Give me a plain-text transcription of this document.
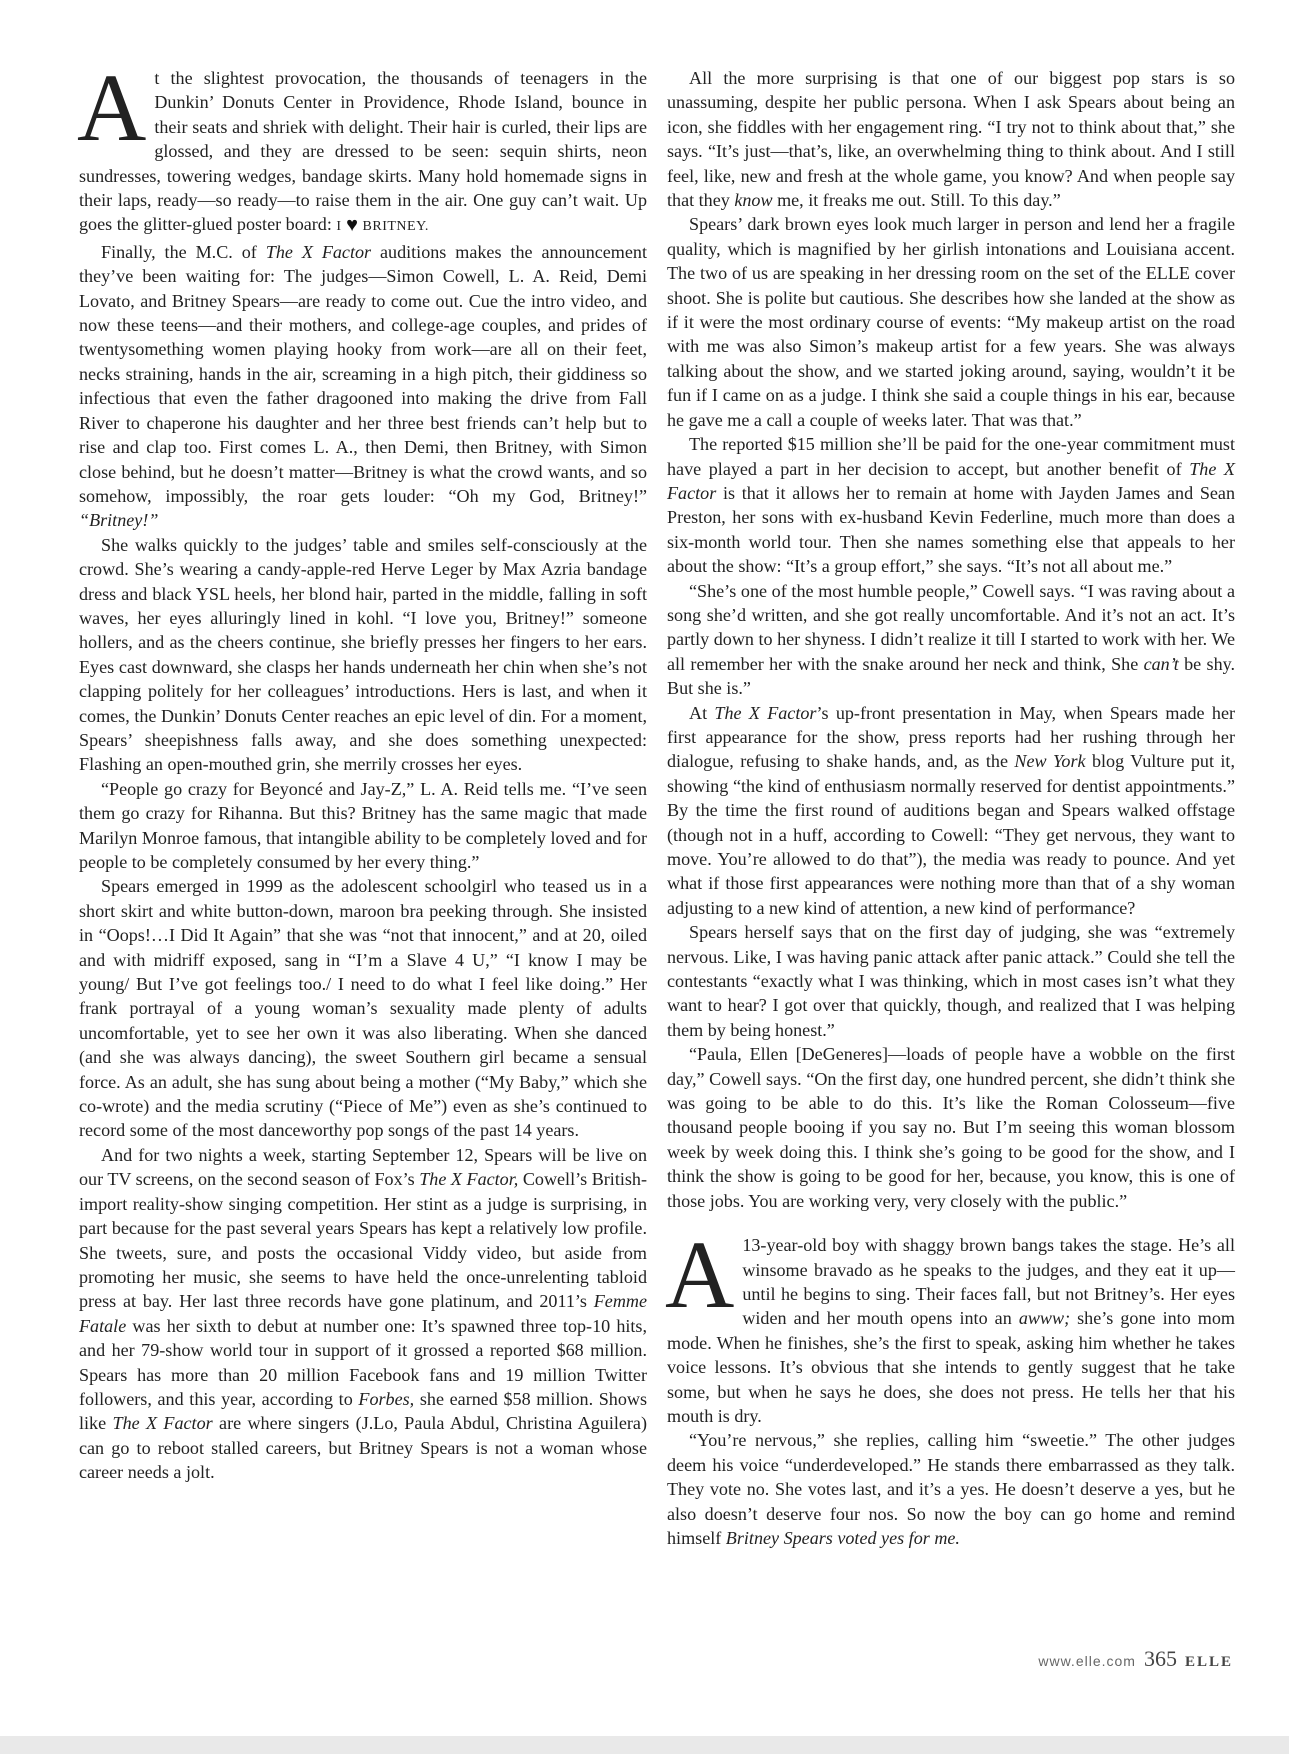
At the slightest provocation, the thousands of teenagers in the Dunkin’ Donuts Center in Providence, Rhode Island, bounce in their seats and shriek with delight. Their hair is curled, their lips are glossed, and they are dressed to be seen: sequin shirts, neon sundresses, towering wedges, bandage skirts. Many hold homemade signs in their laps, ready—so ready—to raise them in the air. One guy can’t wait. Up goes the glitter-glued poster board: I ♥ BRITNEY.

Finally, the M.C. of The X Factor auditions makes the announcement they’ve been waiting for: The judges—Simon Cowell, L. A. Reid, Demi Lovato, and Britney Spears—are ready to come out. Cue the intro video, and now these teens—and their mothers, and college-age couples, and prides of twentysomething women playing hooky from work—are all on their feet, necks straining, hands in the air, screaming in a high pitch, their giddiness so infectious that even the father dragooned into making the drive from Fall River to chaperone his daughter and her three best friends can’t help but to rise and clap too. First comes L. A., then Demi, then Britney, with Simon close behind, but he doesn’t matter—Britney is what the crowd wants, and so somehow, impossibly, the roar gets louder: “Oh my God, Britney!” “Britney!”

She walks quickly to the judges’ table and smiles self-consciously at the crowd. She’s wearing a candy-apple-red Herve Leger by Max Azria bandage dress and black YSL heels, her blond hair, parted in the middle, falling in soft waves, her eyes alluringly lined in kohl. “I love you, Britney!” someone hollers, and as the cheers continue, she briefly presses her fingers to her ears. Eyes cast downward, she clasps her hands underneath her chin when she’s not clapping politely for her colleagues’ introductions. Hers is last, and when it comes, the Dunkin’ Donuts Center reaches an epic level of din. For a moment, Spears’ sheepishness falls away, and she does something unexpected: Flashing an open-mouthed grin, she merrily crosses her eyes.

“People go crazy for Beyoncé and Jay-Z,” L. A. Reid tells me. “I’ve seen them go crazy for Rihanna. But this? Britney has the same magic that made Marilyn Monroe famous, that intangible ability to be completely loved and for people to be completely consumed by her every thing.”

Spears emerged in 1999 as the adolescent schoolgirl who teased us in a short skirt and white button-down, maroon bra peeking through. She insisted in “Oops!…I Did It Again” that she was “not that innocent,” and at 20, oiled and with midriff exposed, sang in “I’m a Slave 4 U,” “I know I may be young/ But I’ve got feelings too./ I need to do what I feel like doing.” Her frank portrayal of a young woman’s sexuality made plenty of adults uncomfortable, yet to see her own it was also liberating. When she danced (and she was always dancing), the sweet Southern girl became a sensual force. As an adult, she has sung about being a mother (“My Baby,” which she co-wrote) and the media scrutiny (“Piece of Me”) even as she’s continued to record some of the most danceworthy pop songs of the past 14 years.

And for two nights a week, starting September 12, Spears will be live on our TV screens, on the second season of Fox’s The X Factor, Cowell’s British-import reality-show singing competition. Her stint as a judge is surprising, in part because for the past several years Spears has kept a relatively low profile. She tweets, sure, and posts the occasional Viddy video, but aside from promoting her music, she seems to have held the once-unrelenting tabloid press at bay. Her last three records have gone platinum, and 2011’s Femme Fatale was her sixth to debut at number one: It’s spawned three top-10 hits, and her 79-show world tour in support of it grossed a reported $68 million. Spears has more than 20 million Facebook fans and 19 million Twitter followers, and this year, according to Forbes, she earned $58 million. Shows like The X Factor are where singers (J.Lo, Paula Abdul, Christina Aguilera) can go to reboot stalled careers, but Britney Spears is not a woman whose career needs a jolt.

All the more surprising is that one of our biggest pop stars is so unassuming, despite her public persona. When I ask Spears about being an icon, she fiddles with her engagement ring. “I try not to think about that,” she says. “It’s just—that’s, like, an overwhelming thing to think about. And I still feel, like, new and fresh at the whole game, you know? And when people say that they know me, it freaks me out. Still. To this day.”

Spears’ dark brown eyes look much larger in person and lend her a fragile quality, which is magnified by her girlish intonations and Louisiana accent. The two of us are speaking in her dressing room on the set of the ELLE cover shoot. She is polite but cautious. She describes how she landed at the show as if it were the most ordinary course of events: “My makeup artist on the road with me was also Simon’s makeup artist for a few years. She was always talking about the show, and we started joking around, saying, wouldn’t it be fun if I came on as a judge. I think she said a couple things in his ear, because he gave me a call a couple of weeks later. That was that.”

The reported $15 million she’ll be paid for the one-year commitment must have played a part in her decision to accept, but another benefit of The X Factor is that it allows her to remain at home with Jayden James and Sean Preston, her sons with ex-husband Kevin Federline, much more than does a six-month world tour. Then she names something else that appeals to her about the show: “It’s a group effort,” she says. “It’s not all about me.”

“She’s one of the most humble people,” Cowell says. “I was raving about a song she’d written, and she got really uncomfortable. And it’s not an act. It’s partly down to her shyness. I didn’t realize it till I started to work with her. We all remember her with the snake around her neck and think, She can’t be shy. But she is.”

At The X Factor’s up-front presentation in May, when Spears made her first appearance for the show, press reports had her rushing through her dialogue, refusing to shake hands, and, as the New York blog Vulture put it, showing “the kind of enthusiasm normally reserved for dentist appointments.” By the time the first round of auditions began and Spears walked offstage (though not in a huff, according to Cowell: “They get nervous, they want to move. You’re allowed to do that”), the media was ready to pounce. And yet what if those first appearances were nothing more than that of a shy woman adjusting to a new kind of attention, a new kind of performance?

Spears herself says that on the first day of judging, she was “extremely nervous. Like, I was having panic attack after panic attack.” Could she tell the contestants “exactly what I was thinking, which in most cases isn’t what they want to hear? I got over that quickly, though, and realized that I was helping them by being honest.”

“Paula, Ellen [DeGeneres]—loads of people have a wobble on the first day,” Cowell says. “On the first day, one hundred percent, she didn’t think she was going to be able to do this. It’s like the Roman Colosseum—five thousand people booing if you say no. But I’m seeing this woman blossom week by week doing this. I think she’s going to be good for the show, and I think the show is going to be good for her, because, you know, this is one of those jobs. You are working very, very closely with the public.”

A 13-year-old boy with shaggy brown bangs takes the stage. He’s all winsome bravado as he speaks to the judges, and they eat it up—until he begins to sing. Their faces fall, but not Britney’s. Her eyes widen and her mouth opens into an awww; she’s gone into mom mode. When he finishes, she’s the first to speak, asking him whether he takes voice lessons. It’s obvious that she intends to gently suggest that he take some, but when he says he does, she does not press. He tells her that his mouth is dry.

“You’re nervous,” she replies, calling him “sweetie.” The other judges deem his voice “underdeveloped.” He stands there embarrassed as they talk. They vote no. She votes last, and it’s a yes. He doesn’t deserve a yes, but he also doesn’t deserve four nos. So now the boy can go home and remind himself Britney Spears voted yes for me.

www.elle.com 365 ELLE
